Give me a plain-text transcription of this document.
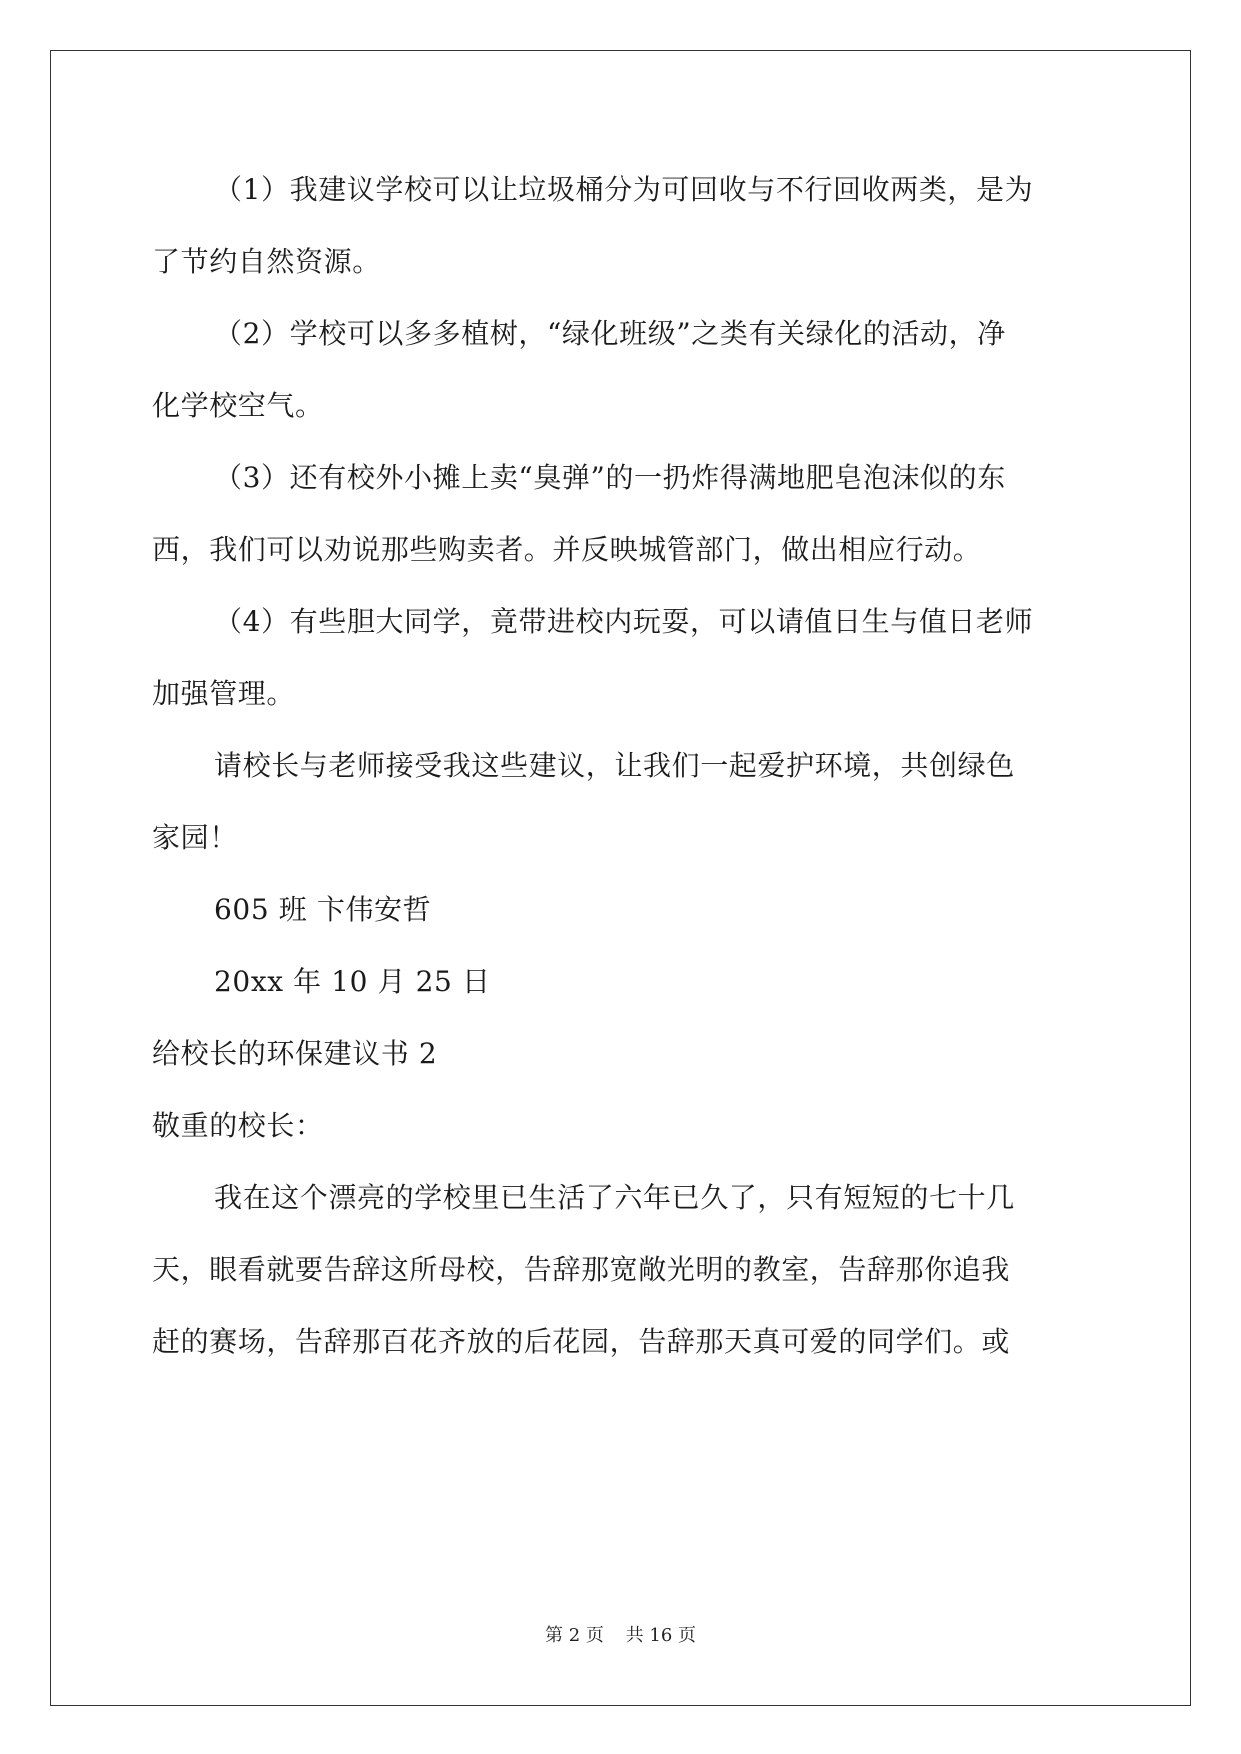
（1）我建议学校可以让垃圾桶分为可回收与不行回收两类，是为
了节约自然资源。
（2）学校可以多多植树，“绿化班级”之类有关绿化的活动，净
化学校空气。
（3）还有校外小摊上卖“臭弹”的一扔炸得满地肥皂泡沫似的东
西，我们可以劝说那些购卖者。并反映城管部门，做出相应行动。
（4）有些胆大同学，竟带进校内玩耍，可以请值日生与值日老师
加强管理。
请校长与老师接受我这些建议，让我们一起爱护环境，共创绿色
家园！
605 班 卞伟安哲
20xx 年 10 月 25 日
给校长的环保建议书 2
敬重的校长：
我在这个漂亮的学校里已生活了六年已久了，只有短短的七十几
天，眼看就要告辞这所母校，告辞那宽敞光明的教室，告辞那你追我
赶的赛场，告辞那百花齐放的后花园，告辞那天真可爱的同学们。或
第 2 页 共 16 页
